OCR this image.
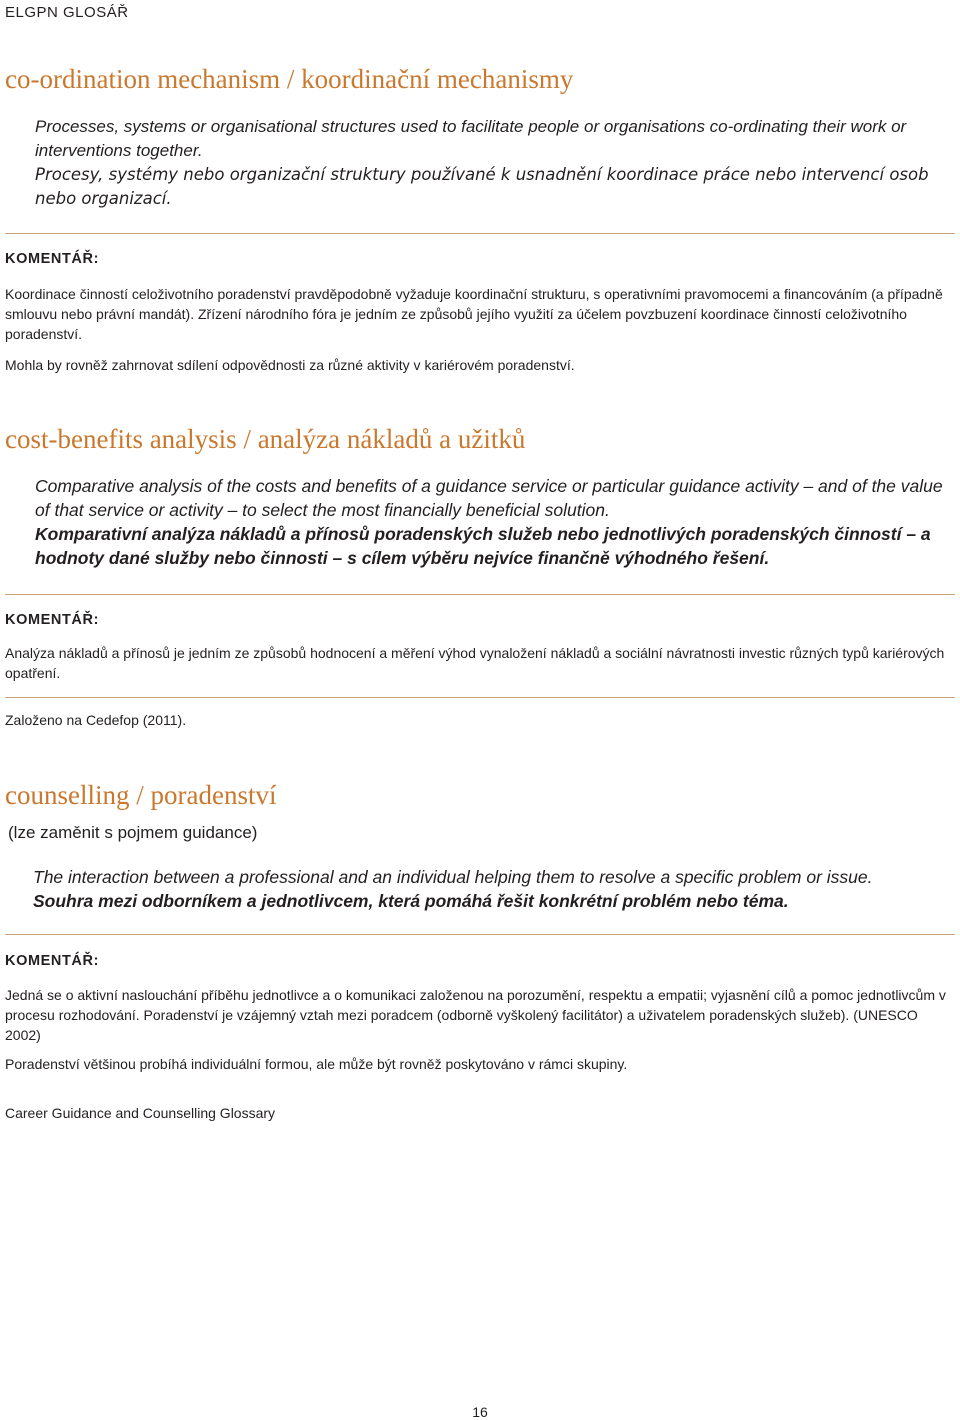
ELGPN GLOSÁŘ
co-ordination mechanism / koordinační mechanismy

Processes, systems or organisational structures used to facilitate people or organisations co-ordinating their work or interventions together.

Procesy, systémy nebo organizační struktury používané k usnadnění koordinace práce nebo intervencí osob nebo organizací.

KOMENTÁŘ:

Koordinace činností celoživotního poradenství pravděpodobně vyžaduje koordinační strukturu, s operativními pravomocemi a financováním (a případně smlouvu nebo právní mandát). Zřízení národního fóra je jedním ze způsobů jejího využití za účelem povzbuzení koordinace činností celoživotního poradenství.

Mohla by rovněž zahrnovat sdílení odpovědnosti za různé aktivity v kariérovém poradenství.

cost-benefits analysis / analýza nákladů a užitků

Comparative analysis of the costs and benefits of a guidance service or particular guidance activity – and of the value of that service or activity – to select the most financially beneficial solution.

Komparativní analýza nákladů a přínosů poradenských služeb nebo jednotlivých poradenských činností – a hodnoty dané služby nebo činnosti – s cílem výběru nejvíce finančně výhodného řešení.

KOMENTÁŘ:

Analýza nákladů a přínosů je jedním ze způsobů hodnocení a měření výhod vynaložení nákladů a sociální návratnosti investic různých typů kariérových opatření.

Založeno na Cedefop (2011).
counselling / poradenství
(lze zaměnit s pojmem guidance)

The interaction between a professional and an individual helping them to resolve a specific problem or issue.

Souhra mezi odborníkem a jednotlivcem, která pomáhá řešit konkrétní problém nebo téma.

KOMENTÁŘ:

Jedná se o aktivní naslouchání příběhu jednotlivce a o komunikaci založenou na porozumění, respektu a empatii; vyjasnění cílů a pomoc jednotlivcům v procesu rozhodování. Poradenství je vzájemný vztah mezi poradcem (odborně vyškolený facilitátor) a uživatelem poradenských služeb). (UNESCO 2002)

Poradenství většinou probíhá individuální formou, ale může být rovněž poskytováno v rámci skupiny.

Career Guidance and Counselling Glossary
16
